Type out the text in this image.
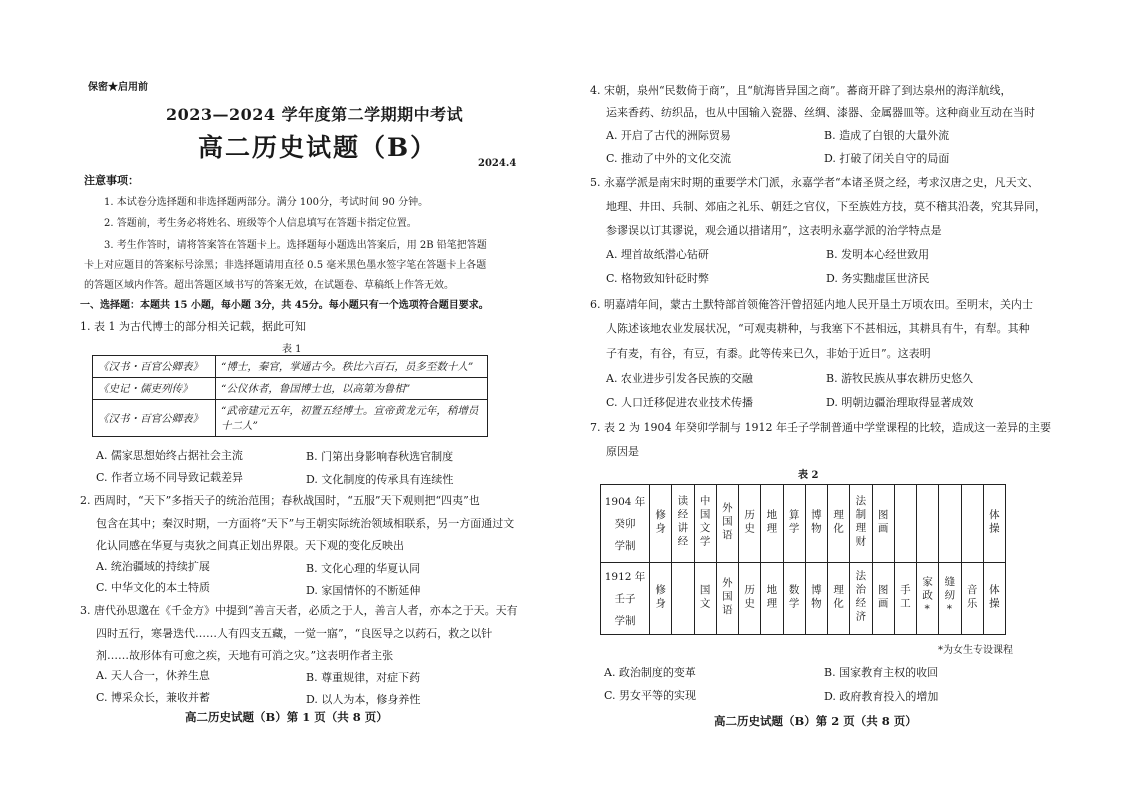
保密★启用前
2023—2024 学年度第二学期期中考试
高二历史试题（B）
2024.4
注意事项：
1. 本试卷分选择题和非选择题两部分。满分 100分，考试时间 90 分钟。
2. 答题前，考生务必将姓名、班级等个人信息填写在答题卡指定位置。
3. 考生作答时，请将答案答在答题卡上。选择题每小题选出答案后，用 2B 铅笔把答题
卡上对应题目的答案标号涂黑；非选择题请用直径 0.5 毫米黑色墨水签字笔在答题卡上各题
的答题区域内作答。超出答题区域书写的答案无效，在试题卷、草稿纸上作答无效。
一、选择题：本题共 15 小题，每小题 3分，共 45分。每小题只有一个选项符合题目要求。
1. 表 1 为古代博士的部分相关记载，据此可知
表 1
《汉书・百官公卿表》	“博士，秦官，掌通古今。秩比六百石，员多至数十人”
《史记・儒吏列传》	“公仪休者，鲁国博士也，以高第为鲁相”
《汉书・百官公卿表》	“武帝建元五年，初置五经博士。宣帝黄龙元年，稍增员
十二人”
A. 儒家思想始终占据社会主流	B. 门第出身影响春秋选官制度
C. 作者立场不同导致记载差异	D. 文化制度的传承具有连续性
2. 西周时，“天下”多指天子的统治范围；春秋战国时，“五服”天下观则把“四夷”也
包含在其中；秦汉时期，一方面将“天下”与王朝实际统治领域相联系，另一方面通过文
化认同感在华夏与夷狄之间真正划出界限。天下观的变化反映出
A. 统治疆域的持续扩展	B. 文化心理的华夏认同
C. 中华文化的本土特质	D. 家国情怀的不断延伸
3. 唐代孙思邈在《千金方》中提到“善言天者，必质之于人，善言人者，亦本之于天。天有
四时五行，寒暑迭代……人有四支五藏，一觉一寤”，“良医导之以药石，救之以针
剂……故形体有可愈之疾，天地有可消之灾。”这表明作者主张
A. 天人合一，休养生息	B. 尊重规律，对症下药
C. 博采众长，兼收并蓄	D. 以人为本，修身养性
高二历史试题（B）第 1 页（共 8 页）
4. 宋朝，泉州“民数倚于商”，且“航海皆异国之商”。蕃商开辟了到达泉州的海洋航线，
运来香药、纺织品，也从中国输入瓷器、丝绸、漆器、金属器皿等。这种商业互动在当时
A. 开启了古代的洲际贸易	B. 造成了白银的大量外流
C. 推动了中外的文化交流	D. 打破了闭关自守的局面
5. 永嘉学派是南宋时期的重要学术门派，永嘉学者“本诸圣贤之经，考求汉唐之史，凡天文、
地理、井田、兵制、郊庙之礼乐、朝廷之官仪，下至族姓方技，莫不稽其沿袭，究其异同，
参谬误以订其谬说，观会通以措诸用”，这表明永嘉学派的治学特点是
A. 埋首故纸潜心钻研	B. 发明本心经世致用
C. 格物致知针砭时弊	D. 务实黜虚匡世济民
6. 明嘉靖年间，蒙古土默特部首领俺答汗曾招延内地人民开垦土万顷农田。至明末，关内士
人陈述该地农业发展状况，“可观夷耕种，与我塞下不甚相远，其耕具有牛，有犁。其种
子有麦，有谷，有豆，有黍。此等传来已久，非始于近日”。这表明
A. 农业进步引发各民族的交融	B. 游牧民族从事农耕历史悠久
C. 人口迁移促进农业技术传播	D. 明朝边疆治理取得显著成效
7. 表 2 为 1904 年癸卯学制与 1912 年壬子学制普通中学堂课程的比较，造成这一差异的主要
原因是
表 2
1904 年
癸卯
学制	修身	读经讲经	中国文学	外国语	历史	地理	算学	博物	理化	法制理财	图画					体操

1912 年
壬子
学制	修身		国文	外国语	历史	地理	数学	博物	理化	法治经济	图画	手工	家政*	缝纫*	音乐	体操
*为女生专设课程
A. 政治制度的变革	B. 国家教育主权的收回
C. 男女平等的实现	D. 政府教育投入的增加
高二历史试题（B）第 2 页（共 8 页）
